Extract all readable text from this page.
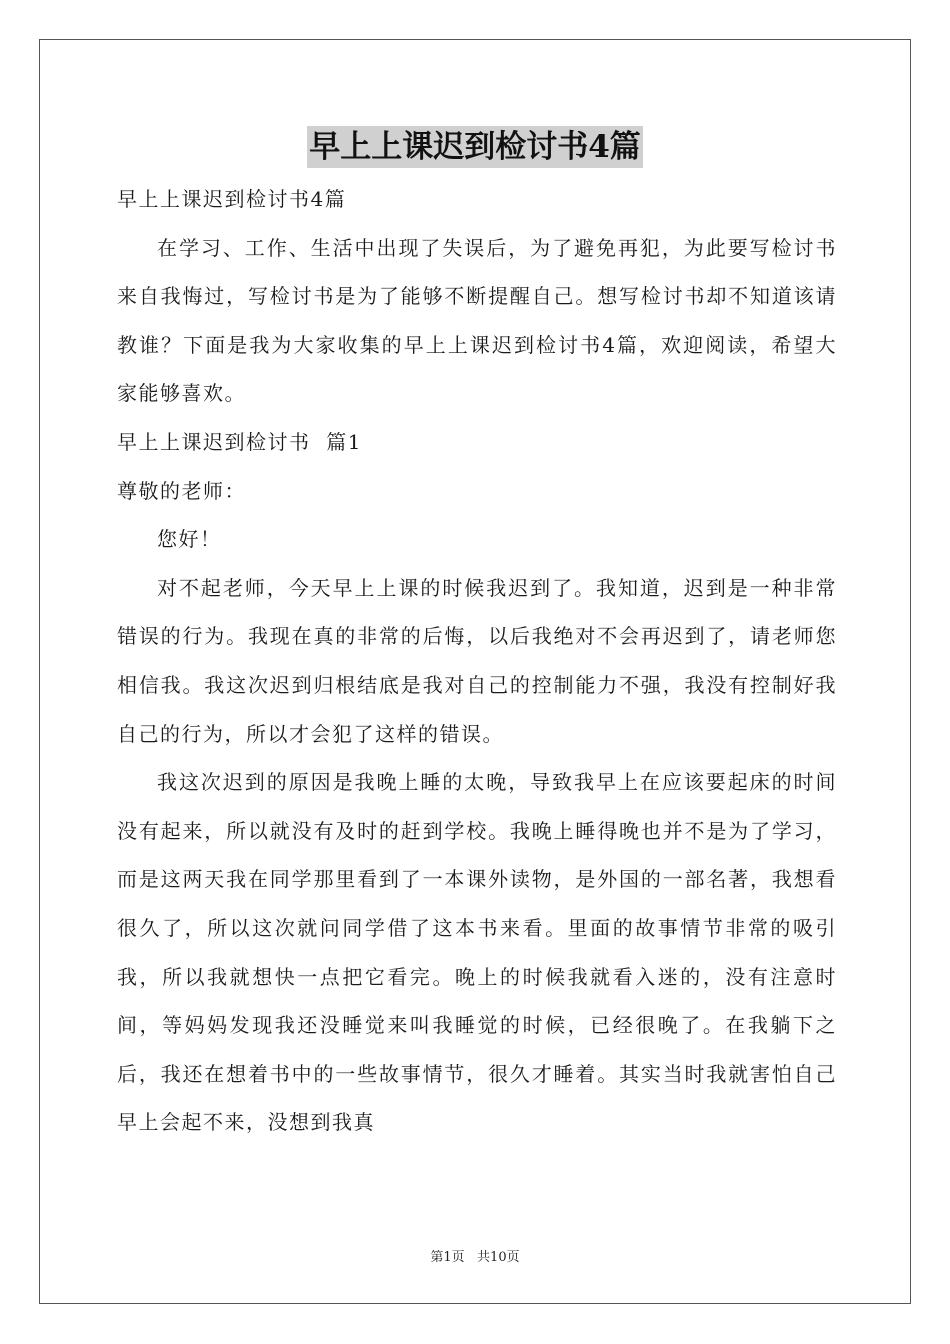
早上上课迟到检讨书4篇

早上上课迟到检讨书4篇

在学习、工作、生活中出现了失误后，为了避免再犯，为此要写检讨书来自我悔过，写检讨书是为了能够不断提醒自己。想写检讨书却不知道该请教谁？下面是我为大家收集的早上上课迟到检讨书4篇，欢迎阅读，希望大家能够喜欢。

早上上课迟到检讨书  篇1

尊敬的老师：

您好！

对不起老师，今天早上上课的时候我迟到了。我知道，迟到是一种非常错误的行为。我现在真的非常的后悔，以后我绝对不会再迟到了，请老师您相信我。我这次迟到归根结底是我对自己的控制能力不强，我没有控制好我自己的行为，所以才会犯了这样的错误。

我这次迟到的原因是我晚上睡的太晚，导致我早上在应该要起床的时间没有起来，所以就没有及时的赶到学校。我晚上睡得晚也并不是为了学习，而是这两天我在同学那里看到了一本课外读物，是外国的一部名著，我想看很久了，所以这次就问同学借了这本书来看。里面的故事情节非常的吸引我，所以我就想快一点把它看完。晚上的时候我就看入迷的，没有注意时间，等妈妈发现我还没睡觉来叫我睡觉的时候，已经很晚了。在我躺下之后，我还在想着书中的一些故事情节，很久才睡着。其实当时我就害怕自己早上会起不来，没想到我真

第1页   共10页
